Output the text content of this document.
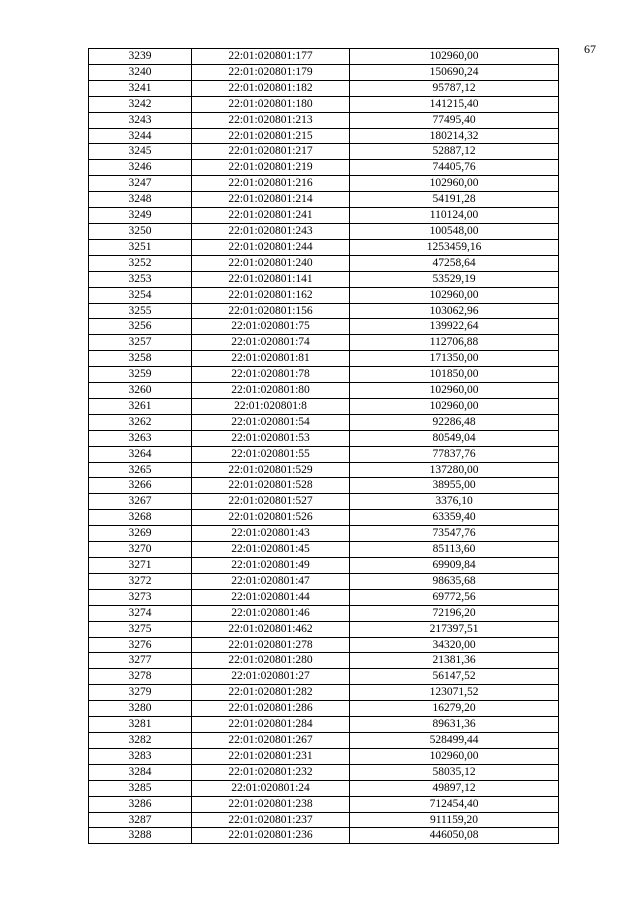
67
3239	22:01:020801:177	102960,00
3240	22:01:020801:179	150690,24
3241	22:01:020801:182	95787,12
3242	22:01:020801:180	141215,40
3243	22:01:020801:213	77495,40
3244	22:01:020801:215	180214,32
3245	22:01:020801:217	52887,12
3246	22:01:020801:219	74405,76
3247	22:01:020801:216	102960,00
3248	22:01:020801:214	54191,28
3249	22:01:020801:241	110124,00
3250	22:01:020801:243	100548,00
3251	22:01:020801:244	1253459,16
3252	22:01:020801:240	47258,64
3253	22:01:020801:141	53529,19
3254	22:01:020801:162	102960,00
3255	22:01:020801:156	103062,96
3256	22:01:020801:75	139922,64
3257	22:01:020801:74	112706,88
3258	22:01:020801:81	171350,00
3259	22:01:020801:78	101850,00
3260	22:01:020801:80	102960,00
3261	22:01:020801:8	102960,00
3262	22:01:020801:54	92286,48
3263	22:01:020801:53	80549,04
3264	22:01:020801:55	77837,76
3265	22:01:020801:529	137280,00
3266	22:01:020801:528	38955,00
3267	22:01:020801:527	3376,10
3268	22:01:020801:526	63359,40
3269	22:01:020801:43	73547,76
3270	22:01:020801:45	85113,60
3271	22:01:020801:49	69909,84
3272	22:01:020801:47	98635,68
3273	22:01:020801:44	69772,56
3274	22:01:020801:46	72196,20
3275	22:01:020801:462	217397,51
3276	22:01:020801:278	34320,00
3277	22:01:020801:280	21381,36
3278	22:01:020801:27	56147,52
3279	22:01:020801:282	123071,52
3280	22:01:020801:286	16279,20
3281	22:01:020801:284	89631,36
3282	22:01:020801:267	528499,44
3283	22:01:020801:231	102960,00
3284	22:01:020801:232	58035,12
3285	22:01:020801:24	49897,12
3286	22:01:020801:238	712454,40
3287	22:01:020801:237	911159,20
3288	22:01:020801:236	446050,08
